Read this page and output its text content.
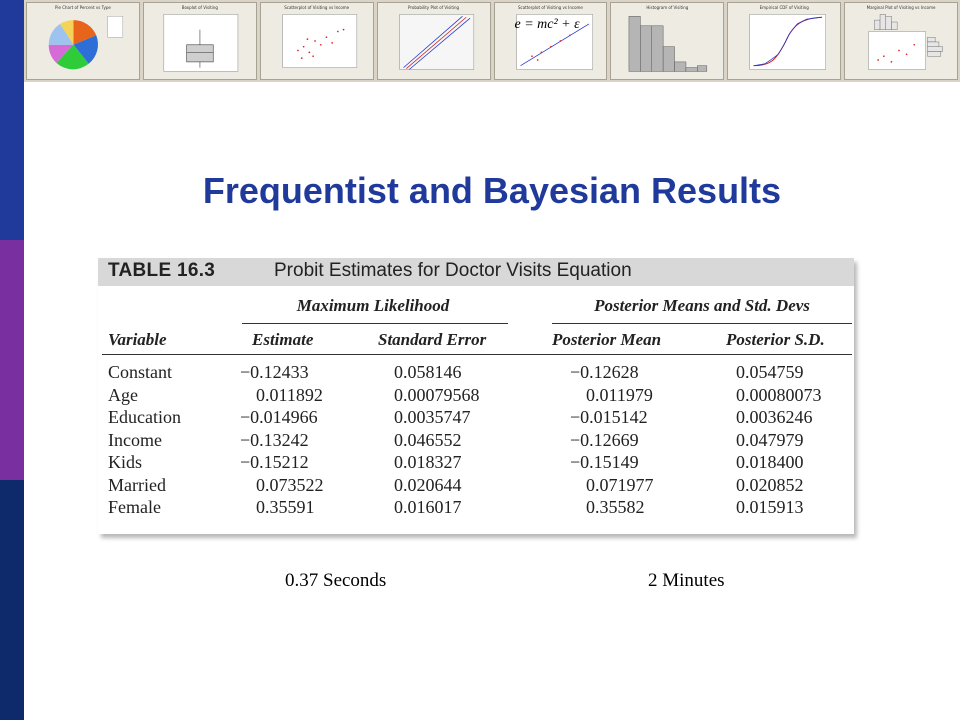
Pie Chart of Percent vs Type	Boxplot of Visiting	Scatterplot of Visiting vs Income	Probability Plot of Visiting	Scatterplot of Visiting vs Income
e = mc² + ε
Histogram of Visiting	Empirical CDF of Visiting	Marginal Plot of Visiting vs Income
Frequentist and Bayesian Results
TABLE 16.3	Probit Estimates for Doctor Visits Equation
Maximum Likelihood	Posterior Means and Std. Devs
Variable	Estimate	Standard Error	Posterior Mean	Posterior S.D.
Constant	−0.12433	0.058146	−0.12628	0.054759
Age	0.011892	0.00079568	0.011979	0.00080073
Education	−0.014966	0.0035747	−0.015142	0.0036246
Income	−0.13242	0.046552	−0.12669	0.047979
Kids	−0.15212	0.018327	−0.15149	0.018400
Married	0.073522	0.020644	0.071977	0.020852
Female	0.35591	0.016017	0.35582	0.015913
0.37 Seconds	2 Minutes
